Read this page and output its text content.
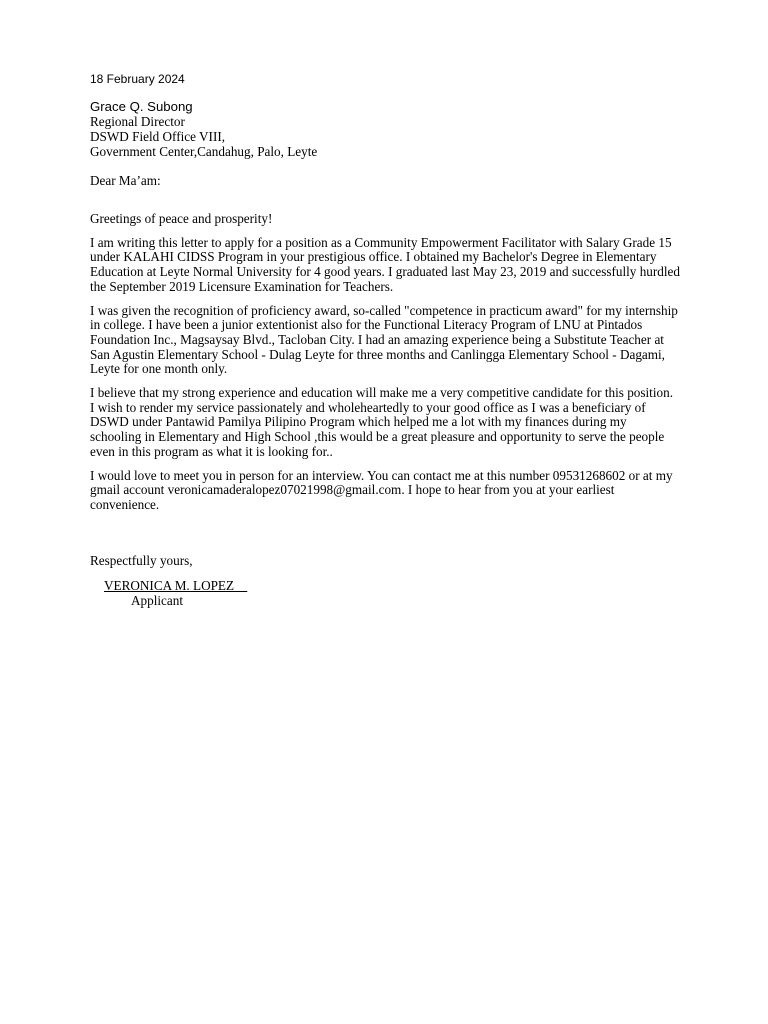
18 February 2024
Grace Q. Subong
Regional Director
DSWD Field Office VIII,
Government Center,Candahug, Palo, Leyte
Dear Ma’am:

Greetings of peace and prosperity!

I am writing this letter to apply for a position as a Community Empowerment Facilitator with Salary Grade 15 under KALAHI CIDSS Program in your prestigious office. I obtained my Bachelor's Degree in Elementary Education at Leyte Normal University for 4 good years. I graduated last May 23, 2019 and successfully hurdled the September 2019 Licensure Examination for Teachers.

I was given the recognition of proficiency award, so-called "competence in practicum award" for my internship in college. I have been a junior extentionist also for the Functional Literacy Program of LNU at Pintados Foundation Inc., Magsaysay Blvd., Tacloban City. I had an amazing experience being a Substitute Teacher at San Agustin Elementary School - Dulag Leyte for three months and Canlingga Elementary School - Dagami, Leyte for one month only.

I believe that my strong experience and education will make me a very competitive candidate for this position. I wish to render my service passionately and wholeheartedly to your good office as I was a beneficiary of DSWD under Pantawid Pamilya Pilipino Program which helped me a lot with my finances during my schooling in Elementary and High School ,this would be a great pleasure and opportunity to serve the people even in this program as what it is looking for..

I would love to meet you in person for an interview. You can contact me at this number 09531268602 or at my gmail account veronicamaderalopez07021998@gmail.com. I hope to hear from you at your earliest convenience.

Respectfully yours,
VERONICA M. LOPEZ
Applicant
